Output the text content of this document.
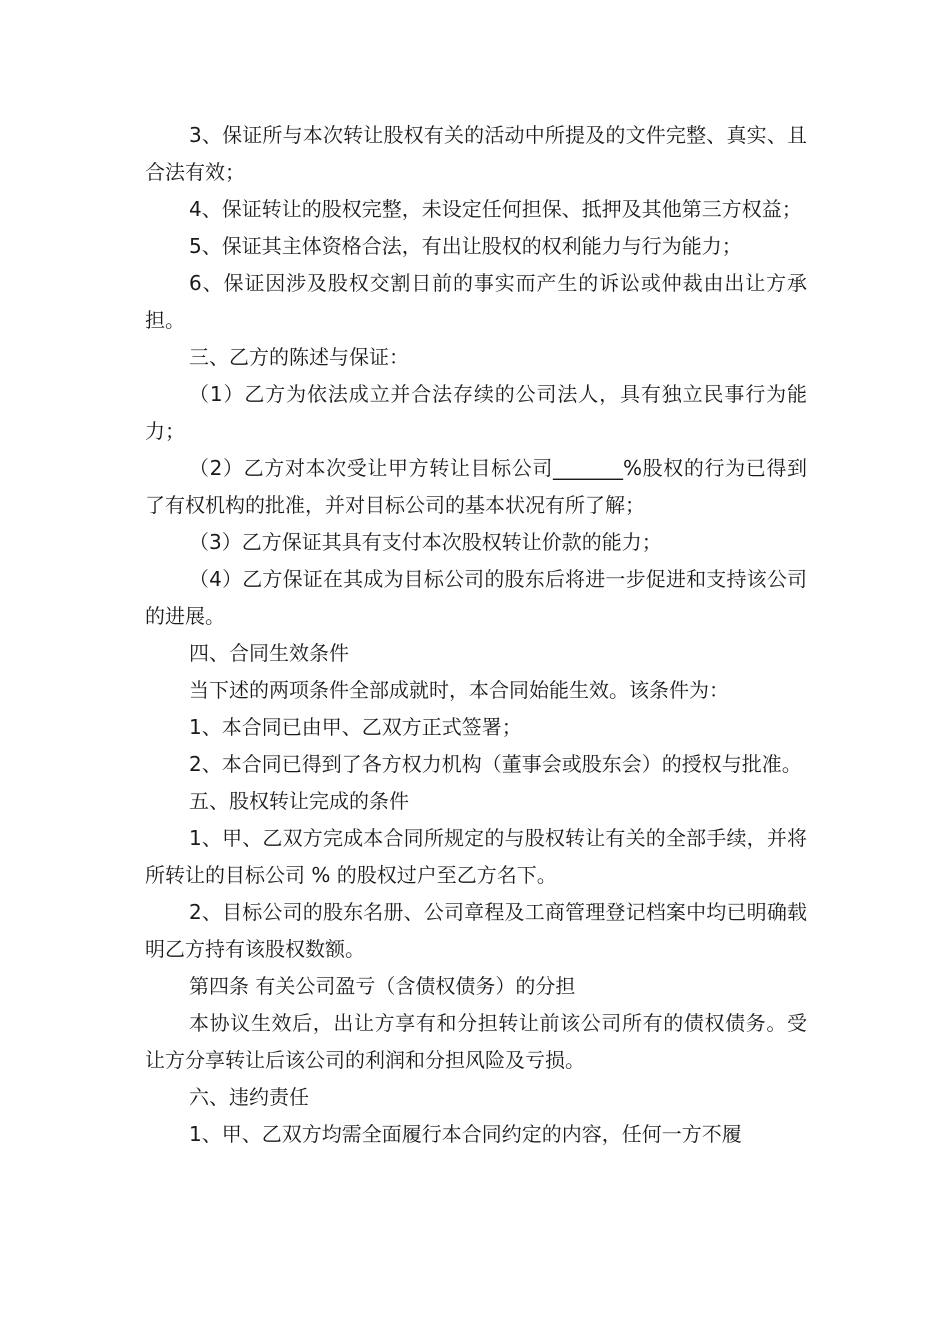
3、保证所与本次转让股权有关的活动中所提及的文件完整、真实、且合法有效；

4、保证转让的股权完整，未设定任何担保、抵押及其他第三方权益；

5、保证其主体资格合法，有出让股权的权利能力与行为能力；

6、保证因涉及股权交割日前的事实而产生的诉讼或仲裁由出让方承担。

三、乙方的陈述与保证：

（1）乙方为依法成立并合法存续的公司法人，具有独立民事行为能力；

（2）乙方对本次受让甲方转让目标公司_______%股权的行为已得到了有权机构的批准，并对目标公司的基本状况有所了解；

（3）乙方保证其具有支付本次股权转让价款的能力；

（4）乙方保证在其成为目标公司的股东后将进一步促进和支持该公司的进展。

四、合同生效条件

当下述的两项条件全部成就时，本合同始能生效。该条件为：

1、本合同已由甲、乙双方正式签署；

2、本合同已得到了各方权力机构（董事会或股东会）的授权与批准。

五、股权转让完成的条件

1、甲、乙双方完成本合同所规定的与股权转让有关的全部手续，并将所转让的目标公司 % 的股权过户至乙方名下。

2、目标公司的股东名册、公司章程及工商管理登记档案中均已明确载明乙方持有该股权数额。

第四条 有关公司盈亏（含债权债务）的分担

本协议生效后，出让方享有和分担转让前该公司所有的债权债务。受让方分享转让后该公司的利润和分担风险及亏损。

六、违约责任

1、甲、乙双方均需全面履行本合同约定的内容，任何一方不履
